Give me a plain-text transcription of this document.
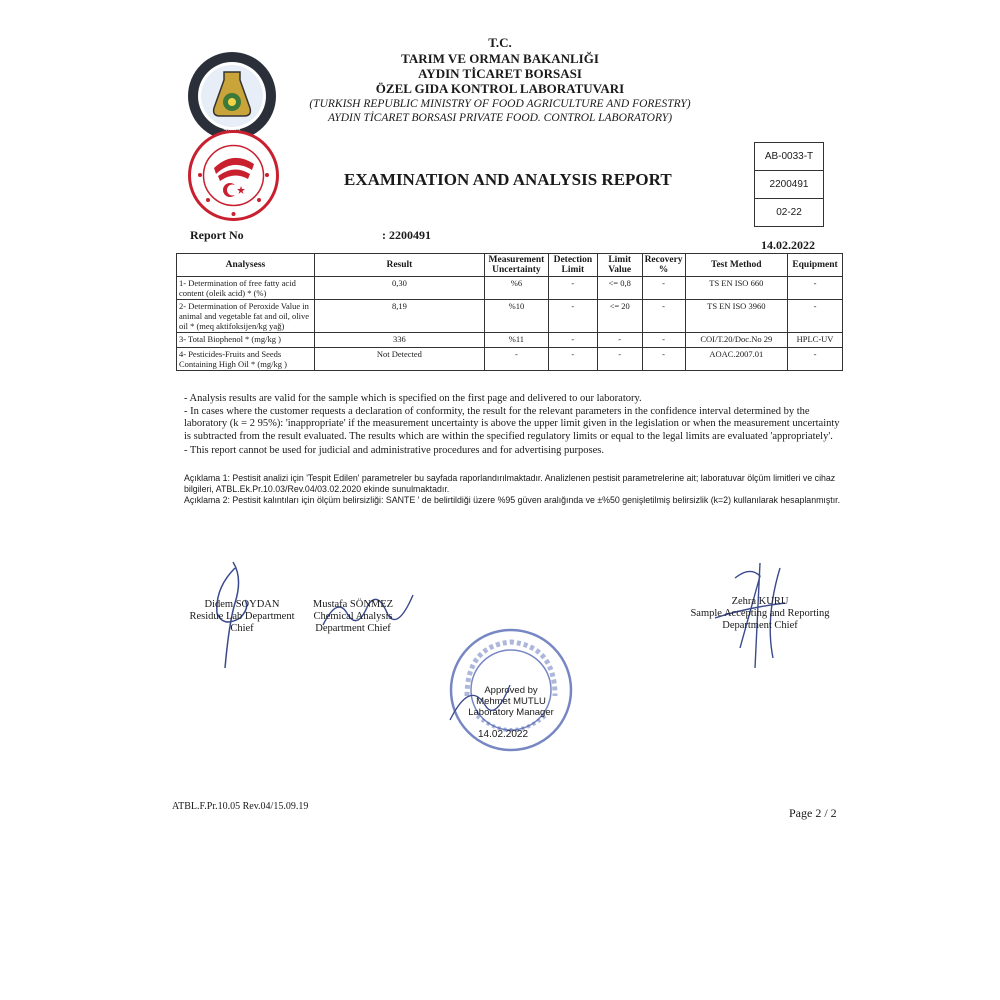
T.C.
TARIM VE ORMAN BAKANLIĞI
AYDIN TİCARET BORSASI
ÖZEL GIDA KONTROL LABORATUVARI
(TURKISH REPUBLIC MINISTRY OF FOOD AGRICULTURE AND FORESTRY)
AYDIN TİCARET BORSASI PRIVATE FOOD. CONTROL LABORATORY)
EXAMINATION AND ANALYSIS REPORT
AB-0033-T
2200491
02-22
Report No	: 2200491
14.02.2022
Analysess	Result	Measurement Uncertainty	Detection Limit	Limit Value	Recovery %	Test Method	Equipment
1- Determination of free fatty acid content (oleik acid) * (%)	0,30	%6	-	<= 0,8	-	TS EN ISO 660	-
2- Determination of Peroxide Value in animal and vegetable fat and oil, olive oil * (meq aktifoksijen/kg yağ)	8,19	%10	-	<= 20	-	TS EN ISO 3960	-
3- Total Biophenol * (mg/kg )	336	%11	-	-	-	COI/T.20/Doc.No 29	HPLC-UV
4- Pesticides-Fruits and Seeds Containing High Oil * (mg/kg )	Not Detected	-	-	-	-	AOAC.2007.01	-

- Analysis results are valid for the sample which is specified on the first page and delivered to our laboratory.

- In cases where the customer requests a declaration of conformity, the result for the relevant parameters in the confidence interval determined by the laboratory (k = 2 95%): 'inappropriate' if the measurement uncertainty is above the upper limit given in the legislation or when the measurement uncertainty is subtracted from the result evaluated. The results which are within the specified regulatory limits or equal to the legal limits are evaluated 'appropriately'.

- This report cannot be used for judicial and administrative procedures and for advertising purposes.

Açıklama 1: Pestisit analizi için 'Tespit Edilen' parametreler bu sayfada raporlandırılmaktadır. Analizlenen pestisit parametrelerine ait; laboratuvar ölçüm limitleri ve cihaz bilgileri, ATBL.Ek.Pr.10.03/Rev.04/03.02.2020 ekinde sunulmaktadır.

Açıklama 2: Pestisit kalıntıları için ölçüm belirsizliği: SANTE ' de belirtildiği üzere %95 güven aralığında ve ±%50 genişletilmiş belirsizlik (k=2) kullanılarak hesaplanmıştır.

Didem SOYDAN
Residue Lab Department
Chief
Mustafa SÖNMEZ
Chemical Analysis
Department Chief
Zehra KURU
Sample Accepting and Reporting
Department Chief
Approved by
Mehmet MUTLU
Laboratory Manager
14.02.2022
ATBL.F.Pr.10.05 Rev.04/15.09.19	Page 2 / 2
